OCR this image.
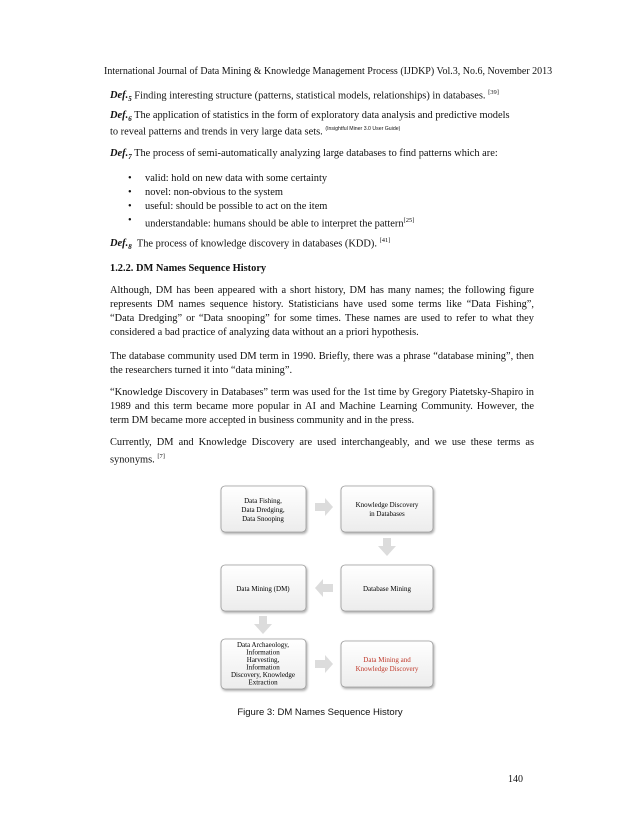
International Journal of Data Mining & Knowledge Management Process (IJDKP) Vol.3, No.6, November 2013
$Def._5$ Finding interesting structure (patterns, statistical models, relationships) in databases. [39]
$Def._6$ The application of statistics in the form of exploratory data analysis and predictive models
to reveal patterns and trends in very large data sets. $^{(Insightful Miner 3.0 User Guide)}$
$Def._7$ The process of semi-automatically analyzing large databases to find patterns which are:
• valid: hold on new data with some certainty
• novel: non-obvious to the system
• useful: should be possible to act on the item
• understandable: humans should be able to interpret the pattern[25]
$Def._8$ The process of knowledge discovery in databases (KDD). [41]
1.2.2. DM Names Sequence History
Although, DM has been appeared with a short history, DM has many names; the following figure represents DM names sequence history. Statisticians have used some terms like “Data Fishing”, “Data Dredging” or “Data snooping” for some times. These names are used to refer to what they considered a bad practice of analyzing data without an a priori hypothesis.
The database community used DM term in 1990. Briefly, there was a phrase “database mining”, then the researchers turned it into “data mining”.
“Knowledge Discovery in Databases” term was used for the 1st time by Gregory Piatetsky-Shapiro in 1989 and this term became more popular in AI and Machine Learning Community. However, the term DM became more accepted in business community and in the press.
Currently, DM and Knowledge Discovery are used interchangeably, and we use these terms as synonyms. [7]
Data Fishing,
Data Dredging,
Data Snooping
Knowledge Discovery
in Databases
Database Mining
Data Mining (DM)
Data Archaeology,
Information
Harvesting,
Information
Discovery, Knowledge
Extraction
Data Mining and
Knowledge Discovery
Figure 3: DM Names Sequence History
140
